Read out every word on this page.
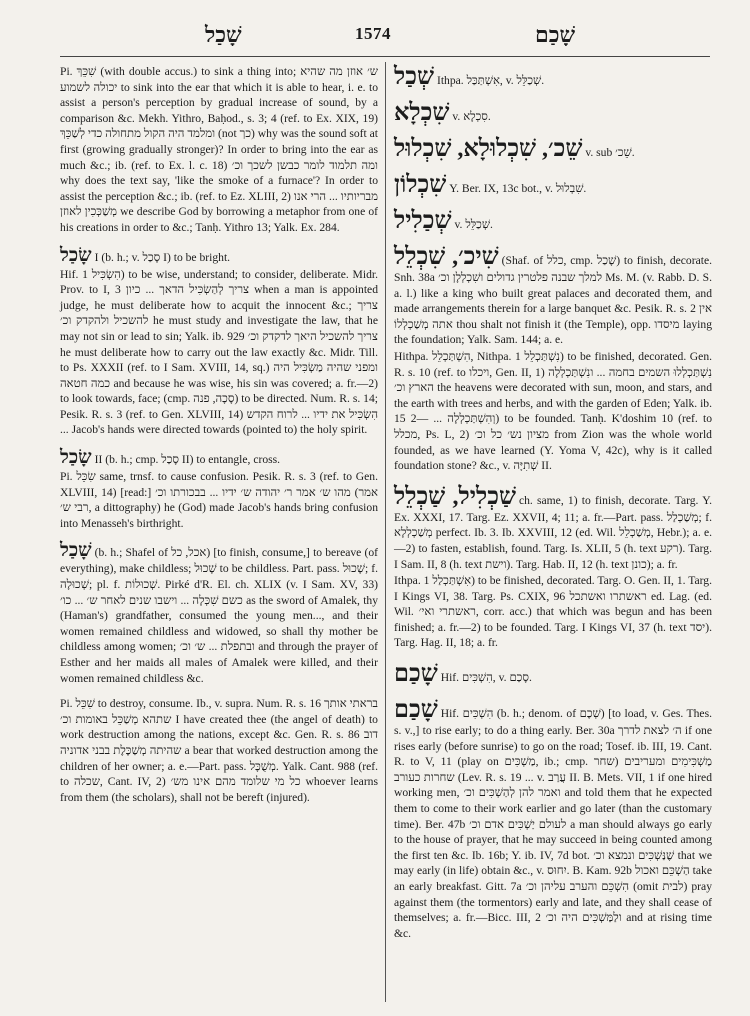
שָׁכַל	1574	שָׁכַם

Pi. שִׁכֵּךְ (with double accus.) to sink a thing into; ש׳ אוזן מה שהיא יכולה לשמוע to sink into the ear that which it is able to hear, i. e. to assist a person's perception by gradual increase of sound, by a comparison &c. Mekh. Yithro, Baḥod., s. 3; 4 (ref. to Ex. XIX, 19) ומלמד היה הקול מתחולה כדי לְשַׁכֵּךְ (not כך) why was the sound soft at first (growing gradually stronger)? In order to bring into the ear as much &c.; ib. (ref. to Ex. l. c. 18) ומה תלמוד לומר כבשן לשכך וכ׳ why does the text say, 'like the smoke of a furnace'? In order to assist the perception &c.; ib. (ref. to Ez. XLIII, 2) מבריותיו ... הרי אנו מְשַׁכְּכִין לאוזן we describe God by borrowing a metaphor from one of his creations in order to &c.; Tanḥ. Yithro 13; Yalk. Ex. 284.

שָׂכַל I (b. h.; v. סָכַל I) to be bright.

Hif. הִשְׂכִּיל 1) to be wise, understand; to consider, deliberate. Midr. Prov. to I, 3 צריך לְהַשְׂכִּיל הדאך ... כיון when a man is appointed judge, he must deliberate how to acquit the innocent &c.; צריך להשכיל ולהקדק וכ׳ he must study and investigate the law, that he may not sin or lead to sin; Yalk. ib. 929 צריך להשכיל היאך לדקדק וכ׳ he must deliberate how to carry out the law exactly &c. Midr. Till. to Ps. XXXII (ref. to I Sam. XVIII, 14, sq.) ומפני שהיה מַשְׂכִּיל היה כמה חטאה and because he was wise, his sin was covered; a. fr.—2) to look towards, face; (cmp. סָכָה, פנה) to be directed. Num. R. s. 14; Pesik. R. s. 3 (ref. to Gen. XLVIII, 14) הִשְׂכִּיל את ידיו ... לרוח הקדש ... Jacob's hands were directed towards (pointed to) the holy spirit.

שָׂכַל II (b. h.; cmp. סָכַל II) to entangle, cross.

Pi. שִׂכֵּל same, trnsf. to cause confusion. Pesik. R. s. 3 (ref. to Gen. XLVIII, 14) [read:] מהו ש׳ אמר ר׳ יהודה ש׳ ידיו ... בבכורתו וכ׳ (אמר רבי ש׳, a dittography) he (God) made Jacob's hands bring confusion into Menasseh's birthright.

שָׁכַל (b. h.; Shafel of אכל, כל) [to finish, consume,] to bereave (of everything), make childless; שָׁכוּל to be childless. Part. pass. שָׁכוּל; f. שְׁכוּלָה; pl. f. שְׁכוּלוֹת. Pirké d'R. El. ch. XLIX (v. I Sam. XV, 33) כשם שִׁכְּלָה ... וישבו שנים לאחר ש׳ ... כו׳ as the sword of Amalek, thy (Haman's) grandfather, consumed the young men..., and their women remained childless and widowed, so shall thy mother be childless among women; ובתפלת ... ש׳ וכ׳ and through the prayer of Esther and her maids all males of Amalek were killed, and their women remained childless &c.

Pi. שִׁכֵּל to destroy, consume. Ib., v. supra. Num. R. s. 16 בראתי אותך שתהא מְשַׁכֵּל באומות וכ׳ I have created thee (the angel of death) to work destruction among the nations, except &c. Gen. R. s. 86 דוב שהיתה מְשַׁכֶּלֶת בבני אדוניה a bear that worked destruction among the children of her owner; a. e.—Part. pass. מְשֻׁכָּל. Yalk. Cant. 988 (ref. to שכלה, Cant. IV, 2) כל מי שלומד מהם אינו מש׳ whoever learns from them (the scholars), shall not be bereft (injured).

שְׁכַל Ithpa. אִשְׁתַּכַּל, v. שְׁכַלֵּל.

שִׁכְלָא v. סִכְלָא.

שֵׁכ׳, שִׁכְלוּלָא, שִׁכְלוּל v. sub שֵׁכ׳.

שִׁכְלוֹן Y. Ber. IX, 13c bot., v. שִׁבְלוּל.

שְׁכַלִיל v. שְׁכַלֵּל.

שִׁיכ׳, שִׁכְלֵל (Shaf. of כלל, cmp. שָׁכַל) to finish, decorate. Snh. 38a למלך שבנה פלטרין גדולים ושִׁכְלְלָן וכ׳ Ms. M. (v. Rabb. D. S. a. l.) like a king who built great palaces and decorated them, and made arrangements therein for a large banquet &c. Pesik. R. s. 2 אין אתה מְשַׁכְלְלוֹ thou shalt not finish it (the Temple), opp. מיסדו laying the foundation; Yalk. Sam. 144; a. e.

Hithpa. הִשְׁתַּכְלֵל, Nithpa. נִשְׁתַּכְלֵל 1) to be finished, decorated. Gen. R. s. 10 (ref. to ויכלו, Gen. II, 1) נִשְׁתַּכְלְלוּ השמים בחמה ... ונִשְׁתַּכְלְלָה הארץ וכ׳ the heavens were decorated with sun, moon, and stars, and the earth with trees and herbs, and with the garden of Eden; Yalk. ib. 15 וְהִשְׁתַּכְלְלָה ... —2) to be founded. Tanḥ. K'doshim 10 (ref. to מכלל, Ps. L, 2) מציון נש׳ כל וכ׳ from Zion was the whole world founded, as we have learned (Y. Yoma V, 42c), why is it called foundation stone? &c., v. שְׁתִיָּה II.

שַׁכְלִיל, שַׁכְלֵל ch. same, 1) to finish, decorate. Targ. Y. Ex. XXXI, 17. Targ. Ez. XXVII, 4; 11; a. fr.—Part. pass. מְשַׁכְלַל; f. מְשַׁכְלְלָא perfect. Ib. 3. Ib. XXVIII, 12 (ed. Wil. מְשַׁכְלֵל, Hebr.); a. e.—2) to fasten, establish, found. Targ. Is. XLII, 5 (h. text רקע). Targ. I Sam. II, 8 (h. text וישת). Targ. Hab. II, 12 (h. text כונן); a. fr.

Ithpa. אִשְׁתַּכְלַל 1) to be finished, decorated. Targ. O. Gen. II, 1. Targ. I Kings VI, 38. Targ. Ps. CXIX, 96 ראשתרו ואשתכל ed. Lag. (ed. Wil. ראשתרי ואי׳, corr. acc.) that which was begun and has been finished; a. fr.—2) to be founded. Targ. I Kings VI, 37 (h. text יסד). Targ. Hag. II, 18; a. fr.

שָׁכַם Hif. הִשְׁכִּים, v. סָכַם.

שָׁכַם Hif. הִשְׁכִּים (b. h.; denom. of שְׁכֶם) [to load, v. Ges. Thes. s. v.,] to rise early; to do a thing early. Ber. 30a ה׳ לצאת לדרך if one rises early (before sunrise) to go on the road; Tosef. ib. III, 19. Cant. R. to V, 11 (play on מַשְׁכִּים, ib.; cmp. שחר) מַשְׁכִּימִים ומעריבים שחרות כעורב (Lev. R. s. 19 ... v. עֲרַב II. B. Mets. VII, 1 if one hired working men, ואמר להן לְהַשְׁכִּים וכ׳ and told them that he expected them to come to their work earlier and go later (than the customary time). Ber. 47b לעולם יַשְׁכִּים אדם וכ׳ a man should always go early to the house of prayer, that he may succeed in being counted among the first ten &c. Ib. 16b; Y. ib. IV, 7d bot. שֶׁנַּשְׁכִּים ונמצא וכ׳ that we may early (in life) obtain &c., v. יִחוּס. B. Kam. 92b הַשְׁכֵּם ואכול take an early breakfast. Gitt. 7a הִשְׁכֵּם והערב עליהן וכ׳ (omit לבית) pray against them (the tormentors) early and late, and they shall cease of themselves; a. fr.—Bicc. III, 2 ולַמַּשְׁכִּים היה וכ׳ and at rising time &c.
